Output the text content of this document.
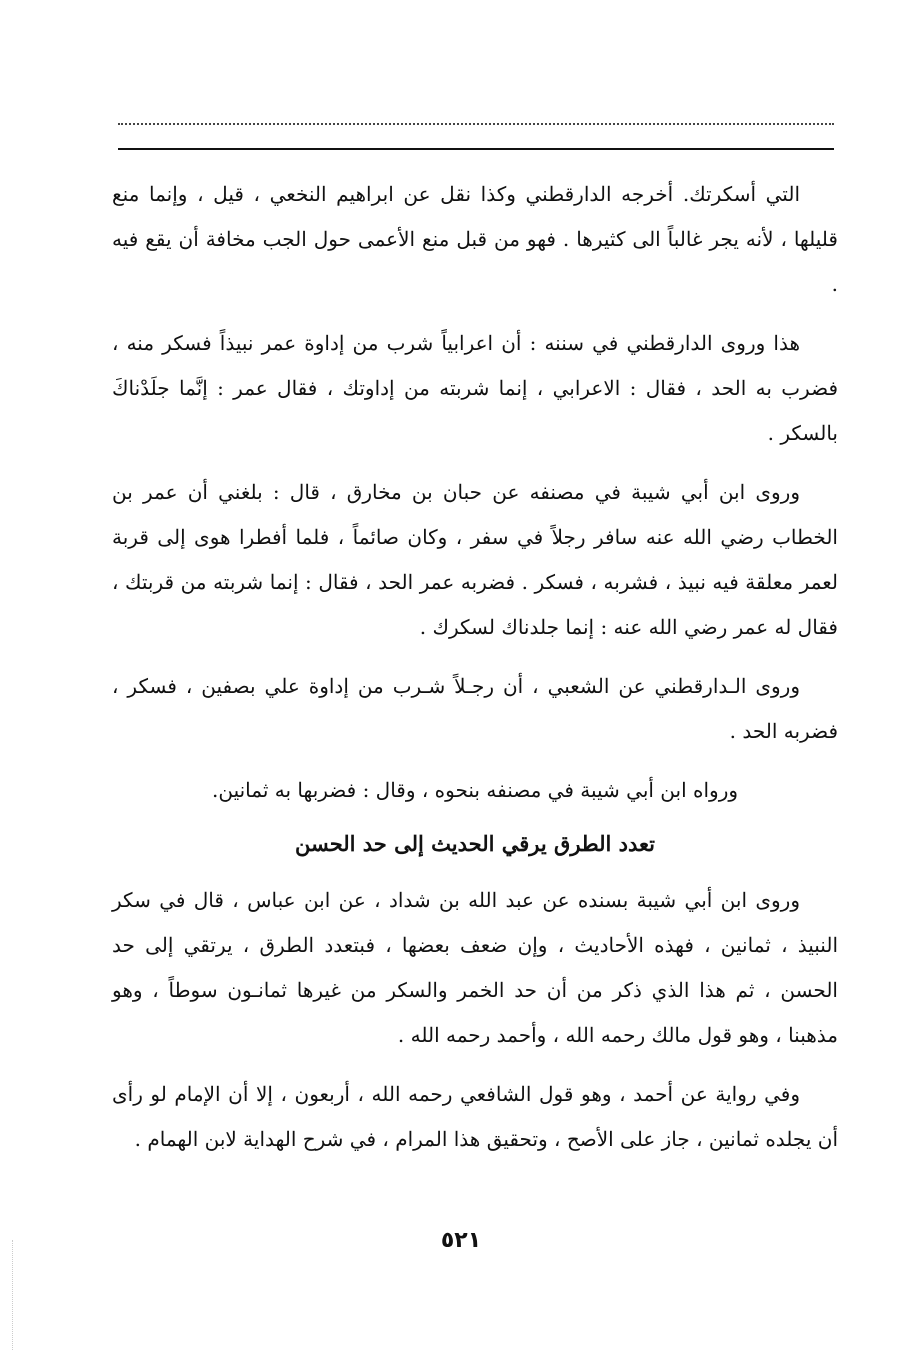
التي أسكرتك. أخرجه الدارقطني وكذا نقل عن ابراهيم النخعي ، قيل ، وإنما منع قليلها ، لأنه يجر غالباً الى كثيرها . فهو من قبل منع الأعمى حول الجب مخافة أن يقع فيه .

هذا وروى الدارقطني في سننه : أن اعرابياً شرب من إداوة عمر نبيذاً فسكر منه ، فضرب به الحد ، فقال : الاعرابي ، إنما شربته من إداوتك ، فقال عمر : إنَّما جلَدْناكَ بالسكر .

وروى ابن أبي شيبة في مصنفه عن حبان بن مخارق ، قال : بلغني أن عمر بن الخطاب رضي الله عنه سافر رجلاً في سفر ، وكان صائماً ، فلما أفطرا هوى إلى قربة لعمر معلقة فيه نبيذ ، فشربه ، فسكر . فضربه عمر الحد ، فقال : إنما شربته من قربتك ، فقال له عمر رضي الله عنه : إنما جلدناك لسكرك .

وروى الـدارقطني عن الشعبي ، أن رجـلاً شـرب من إداوة علي بصفين ، فسكر ، فضربه الحد .

ورواه ابن أبي شيبة في مصنفه بنحوه ، وقال : فضربها به ثمانين.

تعدد الطرق يرقي الحديث إلى حد الحسن

وروى ابن أبي شيبة بسنده عن عبد الله بن شداد ، عن ابن عباس ، قال في سكر النبيذ ، ثمانين ، فهذه الأحاديث ، وإن ضعف بعضها ، فبتعدد الطرق ، يرتقي إلى حد الحسن ، ثم هذا الذي ذكر من أن حد الخمر والسكر من غيرها ثمانـون سوطاً ، وهو مذهبنا ، وهو قول مالك رحمه الله ، وأحمد رحمه الله .

وفي رواية عن أحمد ، وهو قول الشافعي رحمه الله ، أربعون ، إلا أن الإمام لو رأى أن يجلده ثمانين ، جاز على الأصح ، وتحقيق هذا المرام ، في شرح الهداية لابن الهمام .

٥٢١
